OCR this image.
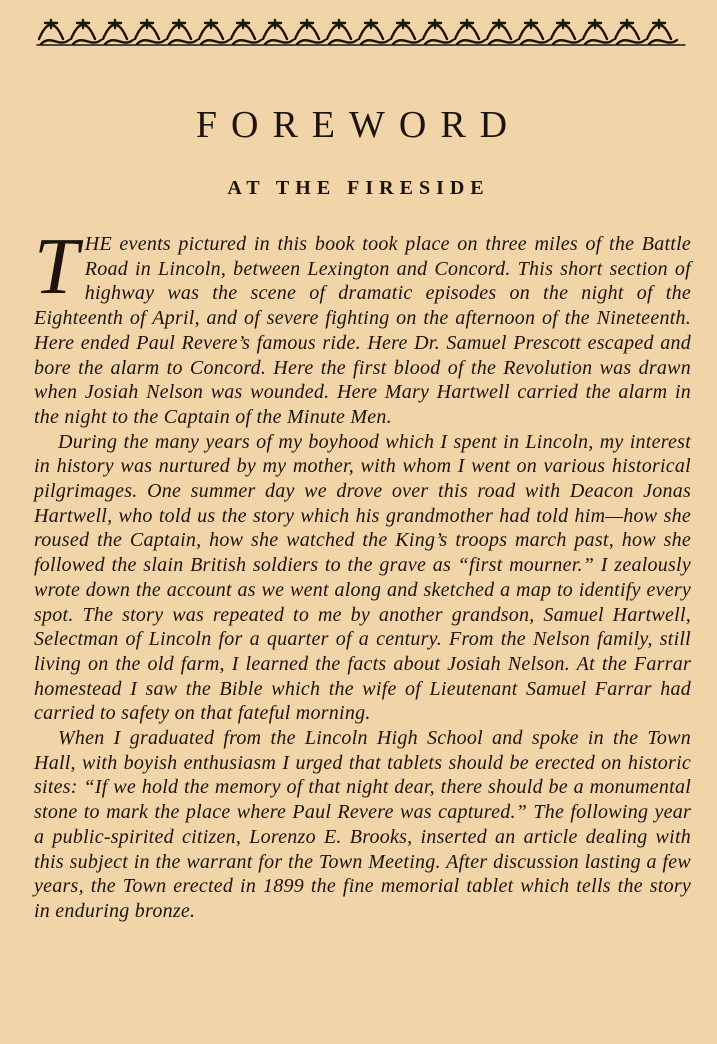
FOREWORD
AT THE FIRESIDE

THE events pictured in this book took place on three miles of the Battle Road in Lincoln, between Lexington and Concord. This short section of highway was the scene of dramatic episodes on the night of the Eighteenth of April, and of severe fighting on the afternoon of the Nineteenth. Here ended Paul Revere’s famous ride. Here Dr. Samuel Prescott escaped and bore the alarm to Concord. Here the first blood of the Revolution was drawn when Josiah Nelson was wounded. Here Mary Hartwell carried the alarm in the night to the Captain of the Minute Men.

During the many years of my boyhood which I spent in Lincoln, my interest in history was nurtured by my mother, with whom I went on various historical pilgrimages. One summer day we drove over this road with Deacon Jonas Hartwell, who told us the story which his grandmother had told him—how she roused the Captain, how she watched the King’s troops march past, how she followed the slain British soldiers to the grave as “first mourner.” I zealously wrote down the account as we went along and sketched a map to identify every spot. The story was repeated to me by another grandson, Samuel Hartwell, Selectman of Lincoln for a quarter of a century. From the Nelson family, still living on the old farm, I learned the facts about Josiah Nelson. At the Farrar homestead I saw the Bible which the wife of Lieutenant Samuel Farrar had carried to safety on that fateful morning.

When I graduated from the Lincoln High School and spoke in the Town Hall, with boyish enthusiasm I urged that tablets should be erected on historic sites: “If we hold the memory of that night dear, there should be a monumental stone to mark the place where Paul Revere was captured.” The following year a public-spirited citizen, Lorenzo E. Brooks, inserted an article dealing with this subject in the warrant for the Town Meeting. After discussion lasting a few years, the Town erected in 1899 the fine memorial tablet which tells the story in enduring bronze.
